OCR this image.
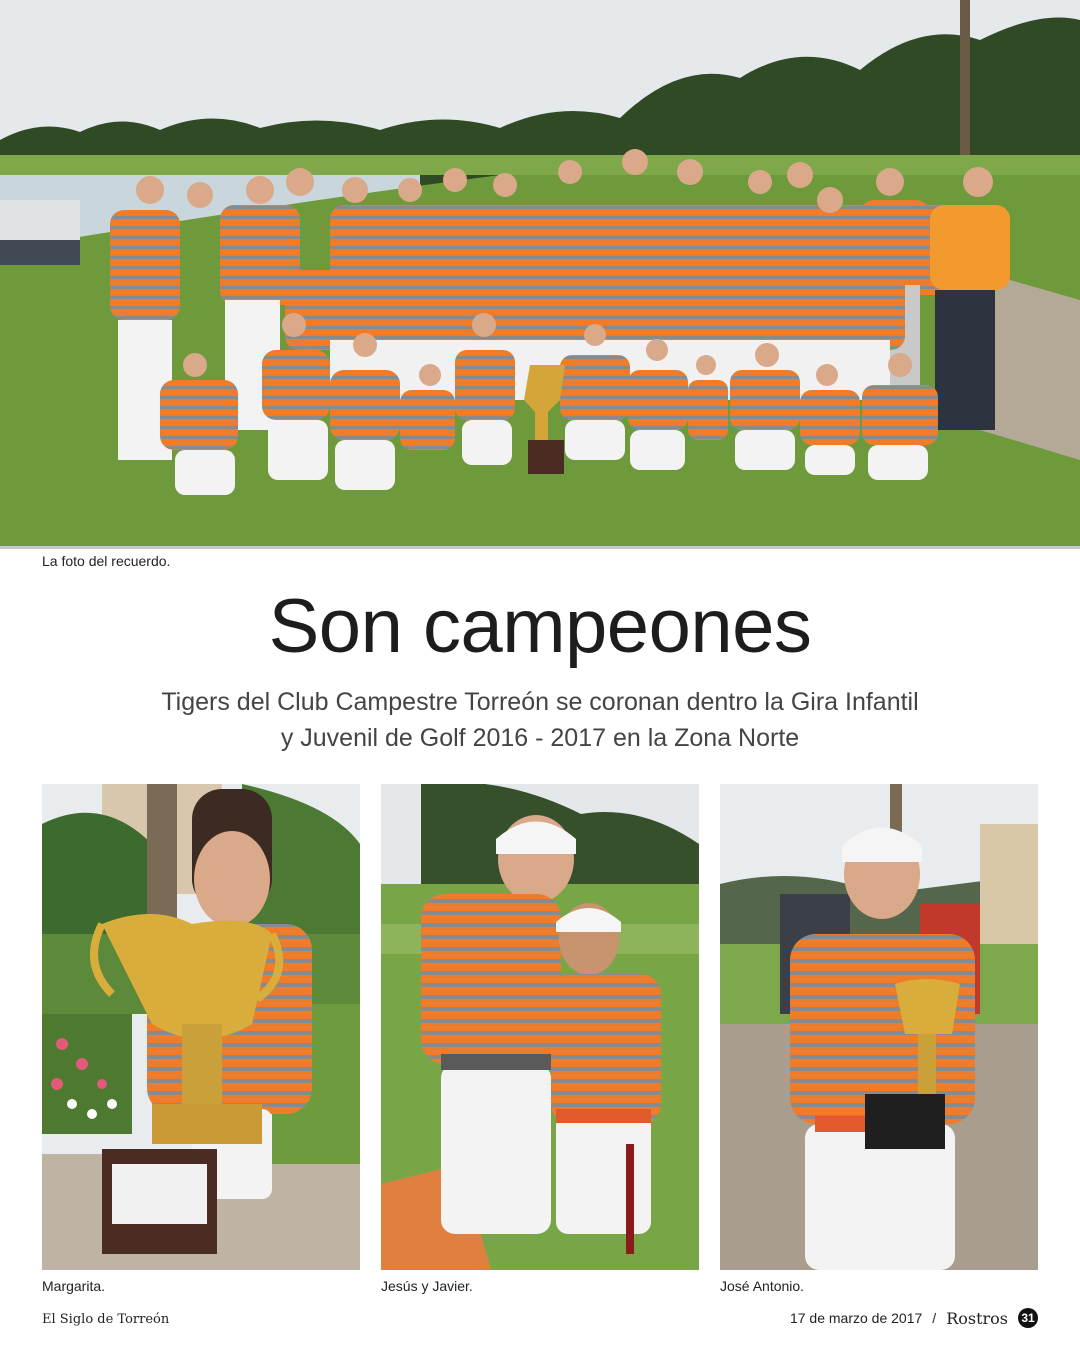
La foto del recuerdo.
Son campeones
Tigers del Club Campestre Torreón se coronan dentro la Gira Infantil
y Juvenil de Golf 2016 - 2017 en la Zona Norte
Margarita.	Jesús y Javier.	José Antonio.
El Siglo de Torreón	17 de marzo de 2017 / Rostros 31
